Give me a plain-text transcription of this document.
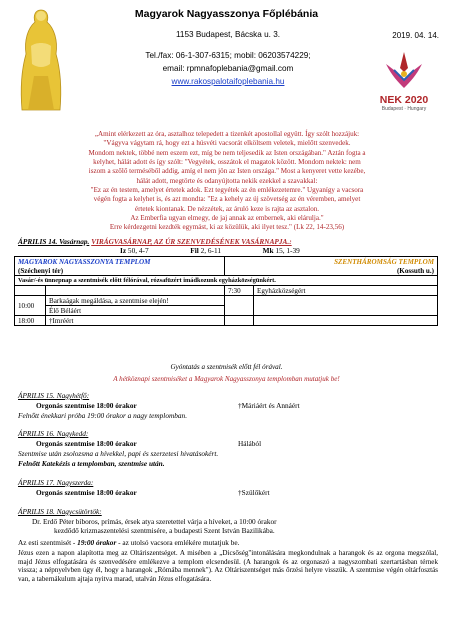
Magyarok Nagyasszonya Főplébánia
1153 Budapest, Bácska u. 3.
Tel./fax: 06-1-307-6315; mobil: 06203574229;
email: rpmnafoplebania@gmail.com
www.rakospalotaifoplebania.hu
2019. 04. 14.
NEK 2020
Budapest · Hungary
„Amint elérkezett az óra, asztalhoz telepedett a tizenkét apostollal együtt. Így szólt hozzájuk:
"Vágyva vágytam rá, hogy ezt a húsvéti vacsorát elköltsem veletek, mielőtt szenvedek.
Mondom nektek, többé nem eszem ezt, míg be nem teljesedik az Isten országában." Aztán fogta a
kelyhet, hálát adott és így szólt: "Vegyétek, osszátok el magatok között. Mondom nektek: nem
iszom a szőlő terméséből addig, amíg el nem jön az Isten országa." Most a kenyeret vette kezébe,
hálát adott, megtörte és odanyújtotta nekik ezekkel a szavakkal:
"Ez az én testem, amelyet értetek adok. Ezt tegyétek az én emlékezetemre." Ugyanígy a vacsora
végén fogta a kelyhet is, és azt mondta: "Ez a kehely az új szövetség az én véremben, amelyet
értetek kiontanak. De nézzétek, az áruló keze is rajta az asztalon.
Az Emberfia ugyan elmegy, de jaj annak az embernek, aki elárulja."
Erre kérdezgetni kezdték egymást, ki az közülük, aki ilyet tesz." (Lk 22, 14-23,56)
ÁPRILIS 14. Vasárnap. VIRÁGVASÁRNAP, AZ ÚR SZENVEDÉSÉNEK VASÁRNAPJA.:
Iz 50, 4-7	Fil 2, 6-11	Mk 15, 1-39
MAGYAROK NAGYASSZONYA TEMPLOM		SZENTHÁROMSÁG TEMPLOM	
(Széchenyi tér)		(Kossuth u.)	
Vasár/-és ünnepnap a szentmisék előtt félórával, rózsafüzért imádkozunk egyházközségünkért.			
		7:30	Egyházközségért
10:00	Barkaágak megáldása, a szentmise elején!		
	Élő Béláért		
18:00	†Imréért		
Gyóntatás a szentmisék előtt fél órával.
A hétköznapi szentmiséket a Magyarok Nagyasszonya templomban mutatjuk be!
ÁPRILIS 15. Nagyhétfő:
Orgonás szentmise 18:00 órakor	†Máriáért és Annáért
Felnőtt énekkari próba 19:00 órakor a nagy templomban.
ÁPRILIS 16. Nagykedd:
Orgonás szentmise 18:00 órakor	Hálából
Szentmise után zsolozsma a hívekkel, papi és szerzetesi hivatásokért.
Felnőtt Katekézis a templomban, szentmise után.
ÁPRILIS 17. Nagyszerda:
Orgonás szentmise 18:00 órakor	†Szülőkért
ÁPRILIS 18. Nagycsütörtök:
Dr. Erdő Péter bíboros, prímás, érsek atya szeretettel várja a híveket, a 10:00 órakor
kezdődő krizmaszentelési szentmisére, a budapesti Szent István Bazilikába.
Az esti szentmisét - 19:00 órakor - az utolsó vacsora emlékére mutatjuk be.
Jézus ezen a napon alapította meg az Oltáriszentséget. A misében a „Dicsőség"intonálására megkondulnak a harangok és az orgona megszólal, majd Jézus elfogatására és szenvedésére emlékezve a templom elcsendesül. (A harangok és az orgonaszó a nagyszombati szertartásban térnek vissza; a népnyelvben úgy él, hogy a harangok „Rómába mennek"). Az Oltáriszentséget más őrzési helyre visszük. A szentmise végén oltárfosztás van, a tabernákulum ajtaja nyitva marad, utalván Jézus elfogatására.
